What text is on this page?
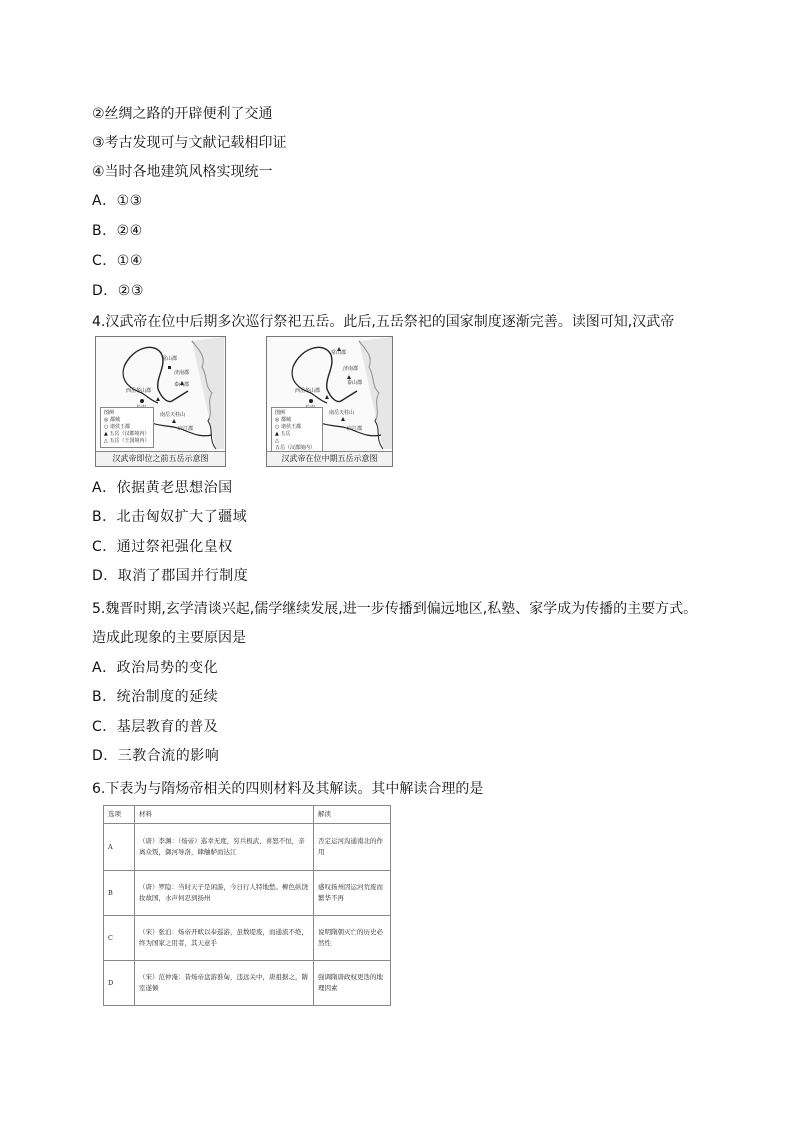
②丝绸之路的开辟便利了交通
③考古发现可与文献记载相印证
④当时各地建筑风格实现统一
A．①③
B．②④
C．①④
D．②③
4.汉武帝在位中后期多次巡行祭祀五岳。此后,五岳祭祀的国家制度逐渐完善。读图可知,汉武帝
常山郡
济南郡
泰山郡
西岳华山郡
南岳天柱山
庐江郡
图例
◎ 都城
○ 诸侯王都
▲ 五岳（汉郡境内）
△ 五岳（王国境内）
汉武帝即位之前五岳示意图
常山郡
济南郡
泰山郡
西岳华山郡
南岳天柱山
庐江郡
图例
◎ 都城
○ 诸侯王都
▲ 五岳
△ 五岳（汉郡境内）
汉武帝在位中期五岳示意图
A．依据黄老思想治国
B．北击匈奴扩大了疆域
C．通过祭祀强化皇权
D．取消了郡国并行制度
5.魏晋时期,玄学清谈兴起,儒学继续发展,进一步传播到偏远地区,私塾、家学成为传播的主要方式。
造成此现象的主要原因是
A．政治局势的变化
B．统治制度的延续
C．基层教育的普及
D．三教合流的影响
6.下表为与隋炀帝相关的四则材料及其解读。其中解读合理的是
选项	材料	解读
A	（唐）李渊：（炀帝）巡幸无度，穷兵极武，喜怒不恒，亲离众叛，御河导洛，肆舳舻而达江	否定运河沟通南北的作用
B	（唐）罗隐：当时天子是闲游，今日行人特地愁。柳色纵饶妆故国，水声何忍到扬州	感叹扬州因运河荒废而繁华不再
C	（宋）张泊：炀帝开畎以奉巡游，虽数堤废，而通流不绝，终为国家之用者，其天意乎	说明隋朝灭亡的历史必然性
D	（宋）范仲淹：昔炀帝盘游淮甸，违远关中，唐祖据之，隋室遂倾	强调隋唐政权更迭的地理因素
